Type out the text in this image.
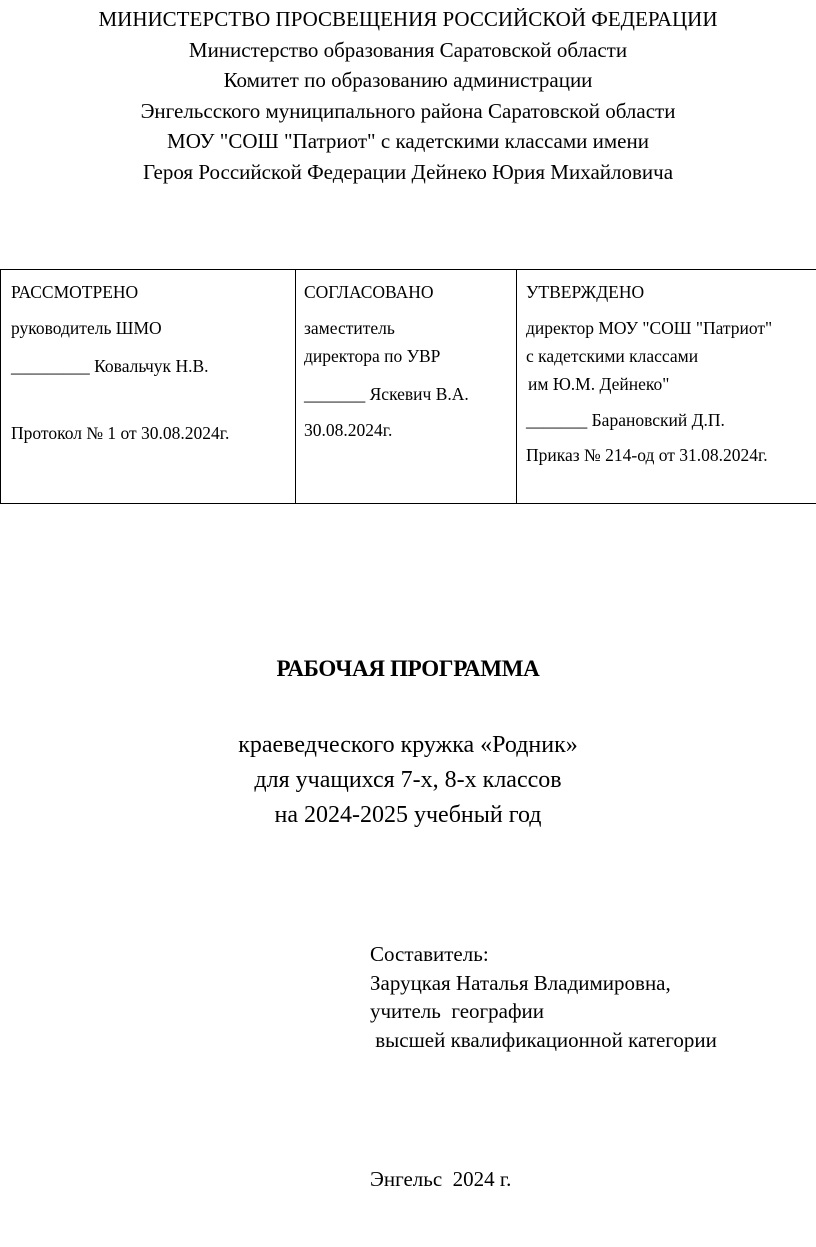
МИНИСТЕРСТВО ПРОСВЕЩЕНИЯ РОССИЙСКОЙ ФЕДЕРАЦИИ
Министерство образования Саратовской области
Комитет по образованию администрации
Энгельсского муниципального района Саратовской области
МОУ "СОШ "Патриот" с кадетскими классами имени
Героя Российской Федерации Дейнеко Юрия Михайловича
РАССМОТРЕНО
руководитель ШМО
_________ Ковальчук Н.В.
Протокол № 1 от 30.08.2024г.
СОГЛАСОВАНО
заместитель
директора по УВР
_______ Яскевич В.А.
30.08.2024г.
УТВЕРЖДЕНО
директор МОУ "СОШ "Патриот"
с кадетскими классами
им Ю.М. Дейнеко"
_______ Барановский Д.П.
Приказ № 214-од от 31.08.2024г.
РАБОЧАЯ ПРОГРАММА
краеведческого кружка «Родник»
для учащихся 7-х, 8-х классов
на 2024-2025 учебный год
Составитель:
Заруцкая Наталья Владимировна,
учитель  географии
высшей квалификационной категории
Энгельс  2024 г.
